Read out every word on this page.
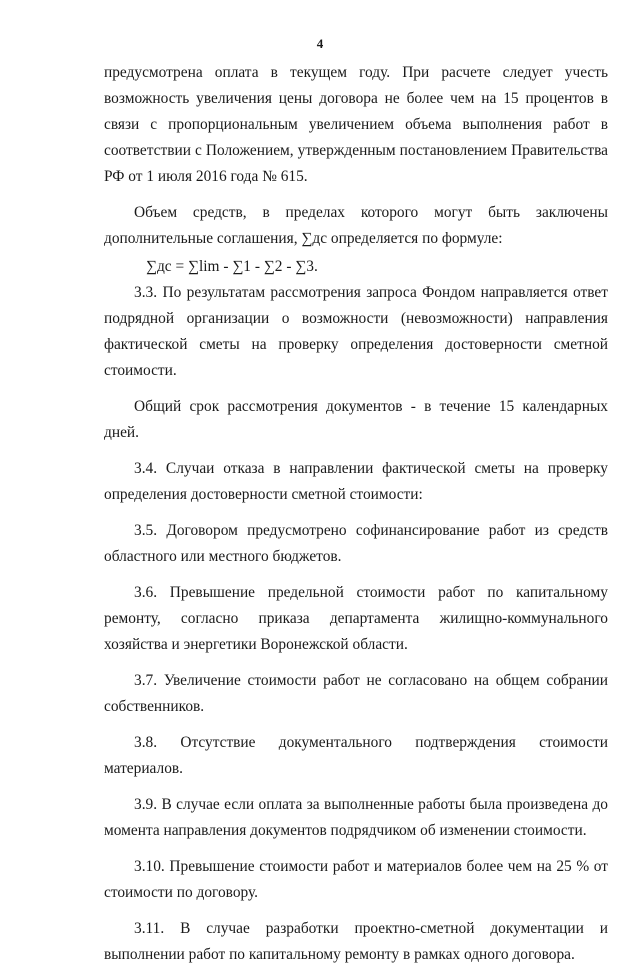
4

предусмотрена оплата в текущем году. При расчете следует учесть возможность увеличения цены договора не более чем на 15 процентов в связи с пропорциональным увеличением объема выполнения работ в соответствии с Положением, утвержденным постановлением Правительства РФ от 1 июля 2016 года № 615.

Объем средств, в пределах которого могут быть заключены дополнительные соглашения, ∑дс определяется по формуле:

∑дс = ∑lim - ∑1 - ∑2 - ∑3.

3.3. По результатам рассмотрения запроса Фондом направляется ответ подрядной организации о возможности (невозможности) направления фактической сметы на проверку определения достоверности сметной стоимости.

Общий срок рассмотрения документов - в течение 15 календарных дней.

3.4. Случаи отказа в направлении фактической сметы на проверку определения достоверности сметной стоимости:

3.5. Договором предусмотрено софинансирование работ из средств областного или местного бюджетов.

3.6. Превышение предельной стоимости работ по капитальному ремонту, согласно приказа департамента жилищно-коммунального хозяйства и энергетики Воронежской области.

3.7. Увеличение стоимости работ не согласовано на общем собрании собственников.

3.8. Отсутствие документального подтверждения стоимости материалов.

3.9. В случае если оплата за выполненные работы была произведена до момента направления документов подрядчиком об изменении стоимости.

3.10. Превышение стоимости работ и материалов более чем на 25 % от стоимости по договору.

3.11. В случае разработки проектно-сметной документации и выполнении работ по капитальному ремонту в рамках одного договора.
